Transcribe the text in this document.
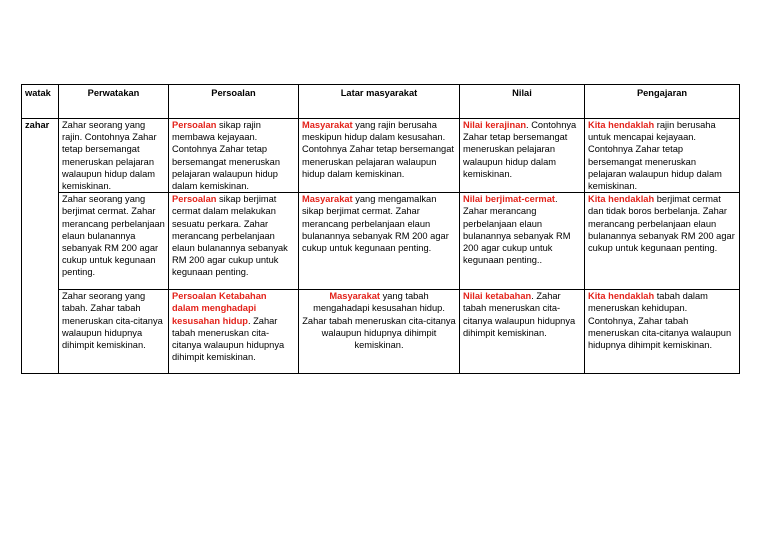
watak	Perwatakan	Persoalan	Latar masyarakat	Nilai	Pengajaran
zahar	Zahar seorang yang rajin. Contohnya Zahar tetap bersemangat meneruskan pelajaran walaupun hidup dalam kemiskinan.	Persoalan sikap rajin membawa kejayaan. Contohnya Zahar tetap bersemangat meneruskan pelajaran walaupun hidup dalam kemiskinan.	Masyarakat yang rajin berusaha meskipun hidup dalam kesusahan. Contohnya Zahar tetap bersemangat meneruskan pelajaran walaupun hidup dalam kemiskinan.	Nilai kerajinan. Contohnya Zahar tetap bersemangat meneruskan pelajaran walaupun hidup dalam kemiskinan.	Kita hendaklah rajin berusaha untuk mencapai kejayaan. Contohnya Zahar tetap bersemangat meneruskan pelajaran walaupun hidup dalam kemiskinan.
	Zahar seorang yang berjimat cermat. Zahar merancang perbelanjaan elaun bulanannya sebanyak RM 200 agar cukup untuk kegunaan penting.	Persoalan sikap berjimat cermat dalam melakukan sesuatu perkara. Zahar merancang perbelanjaan elaun bulanannya sebanyak RM 200 agar cukup untuk kegunaan penting.	Masyarakat yang mengamalkan sikap berjimat cermat. Zahar merancang perbelanjaan elaun bulanannya sebanyak RM 200 agar cukup untuk kegunaan penting.	Nilai berjimat-cermat. Zahar merancang perbelanjaan elaun bulanannya sebanyak RM 200 agar cukup untuk kegunaan penting..	Kita hendaklah berjimat cermat dan tidak boros berbelanja. Zahar merancang perbelanjaan elaun bulanannya sebanyak RM 200 agar cukup untuk kegunaan penting.
	Zahar seorang yang tabah. Zahar tabah meneruskan cita-citanya walaupun hidupnya dihimpit kemiskinan.	Persoalan Ketabahan dalam menghadapi kesusahan hidup. Zahar tabah meneruskan cita-citanya walaupun hidupnya dihimpit kemiskinan.	Masyarakat yang tabah mengahadapi kesusahan hidup. Zahar tabah meneruskan cita-citanya walaupun hidupnya dihimpit kemiskinan.	Nilai ketabahan. Zahar tabah meneruskan cita-citanya walaupun hidupnya dihimpit kemiskinan.	Kita hendaklah tabah dalam meneruskan kehidupan. Contohnya, Zahar tabah meneruskan cita-citanya walaupun hidupnya dihimpit kemiskinan.
